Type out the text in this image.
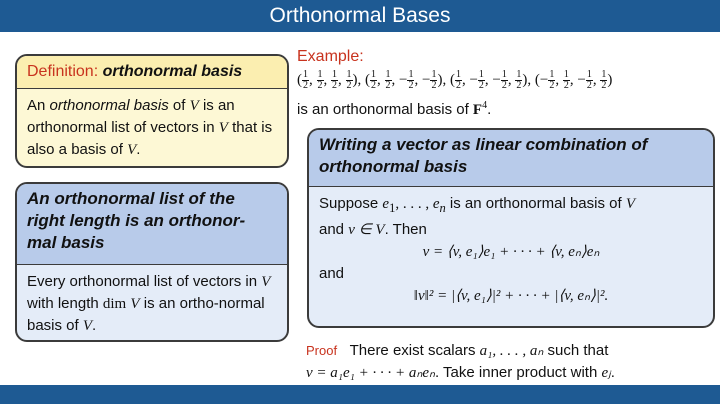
Orthonormal Bases
Definition: orthonormal basis
An orthonormal basis of V is an orthonormal list of vectors in V that is also a basis of V.
An orthonormal list of the
right length is an orthonor-
mal basis
Every orthonormal list of vectors in V with length dim V is an ortho-normal basis of V.
Example:
( $\frac{1}{2}$ , $\frac{1}{2}$ , $\frac{1}{2}$ , $\frac{1}{2}$ ), ( $\frac{1}{2}$ , $\frac{1}{2}$ , − $\frac{1}{2}$ , − $\frac{1}{2}$ ), ( $\frac{1}{2}$ , − $\frac{1}{2}$ , − $\frac{1}{2}$ , $\frac{1}{2}$ ), (− $\frac{1}{2}$ , $\frac{1}{2}$ , − $\frac{1}{2}$ , $\frac{1}{2}$ )
is an orthonormal basis of $F^4$.
Writing a vector as linear combination of
orthonormal basis
Suppose $e_1$, . . . , $e_n$ is an orthonormal basis of V
and v ∈ V. Then
v = ⟨v, e₁⟩e₁ + · · · + ⟨v, eₙ⟩eₙ
and
‖v‖² = |⟨v, e₁⟩|² + · · · + |⟨v, eₙ⟩|².
Proof There exist scalars a₁, . . . , aₙ such that
v = a₁e₁ + · · · + aₙeₙ. Take inner product with eⱼ.
